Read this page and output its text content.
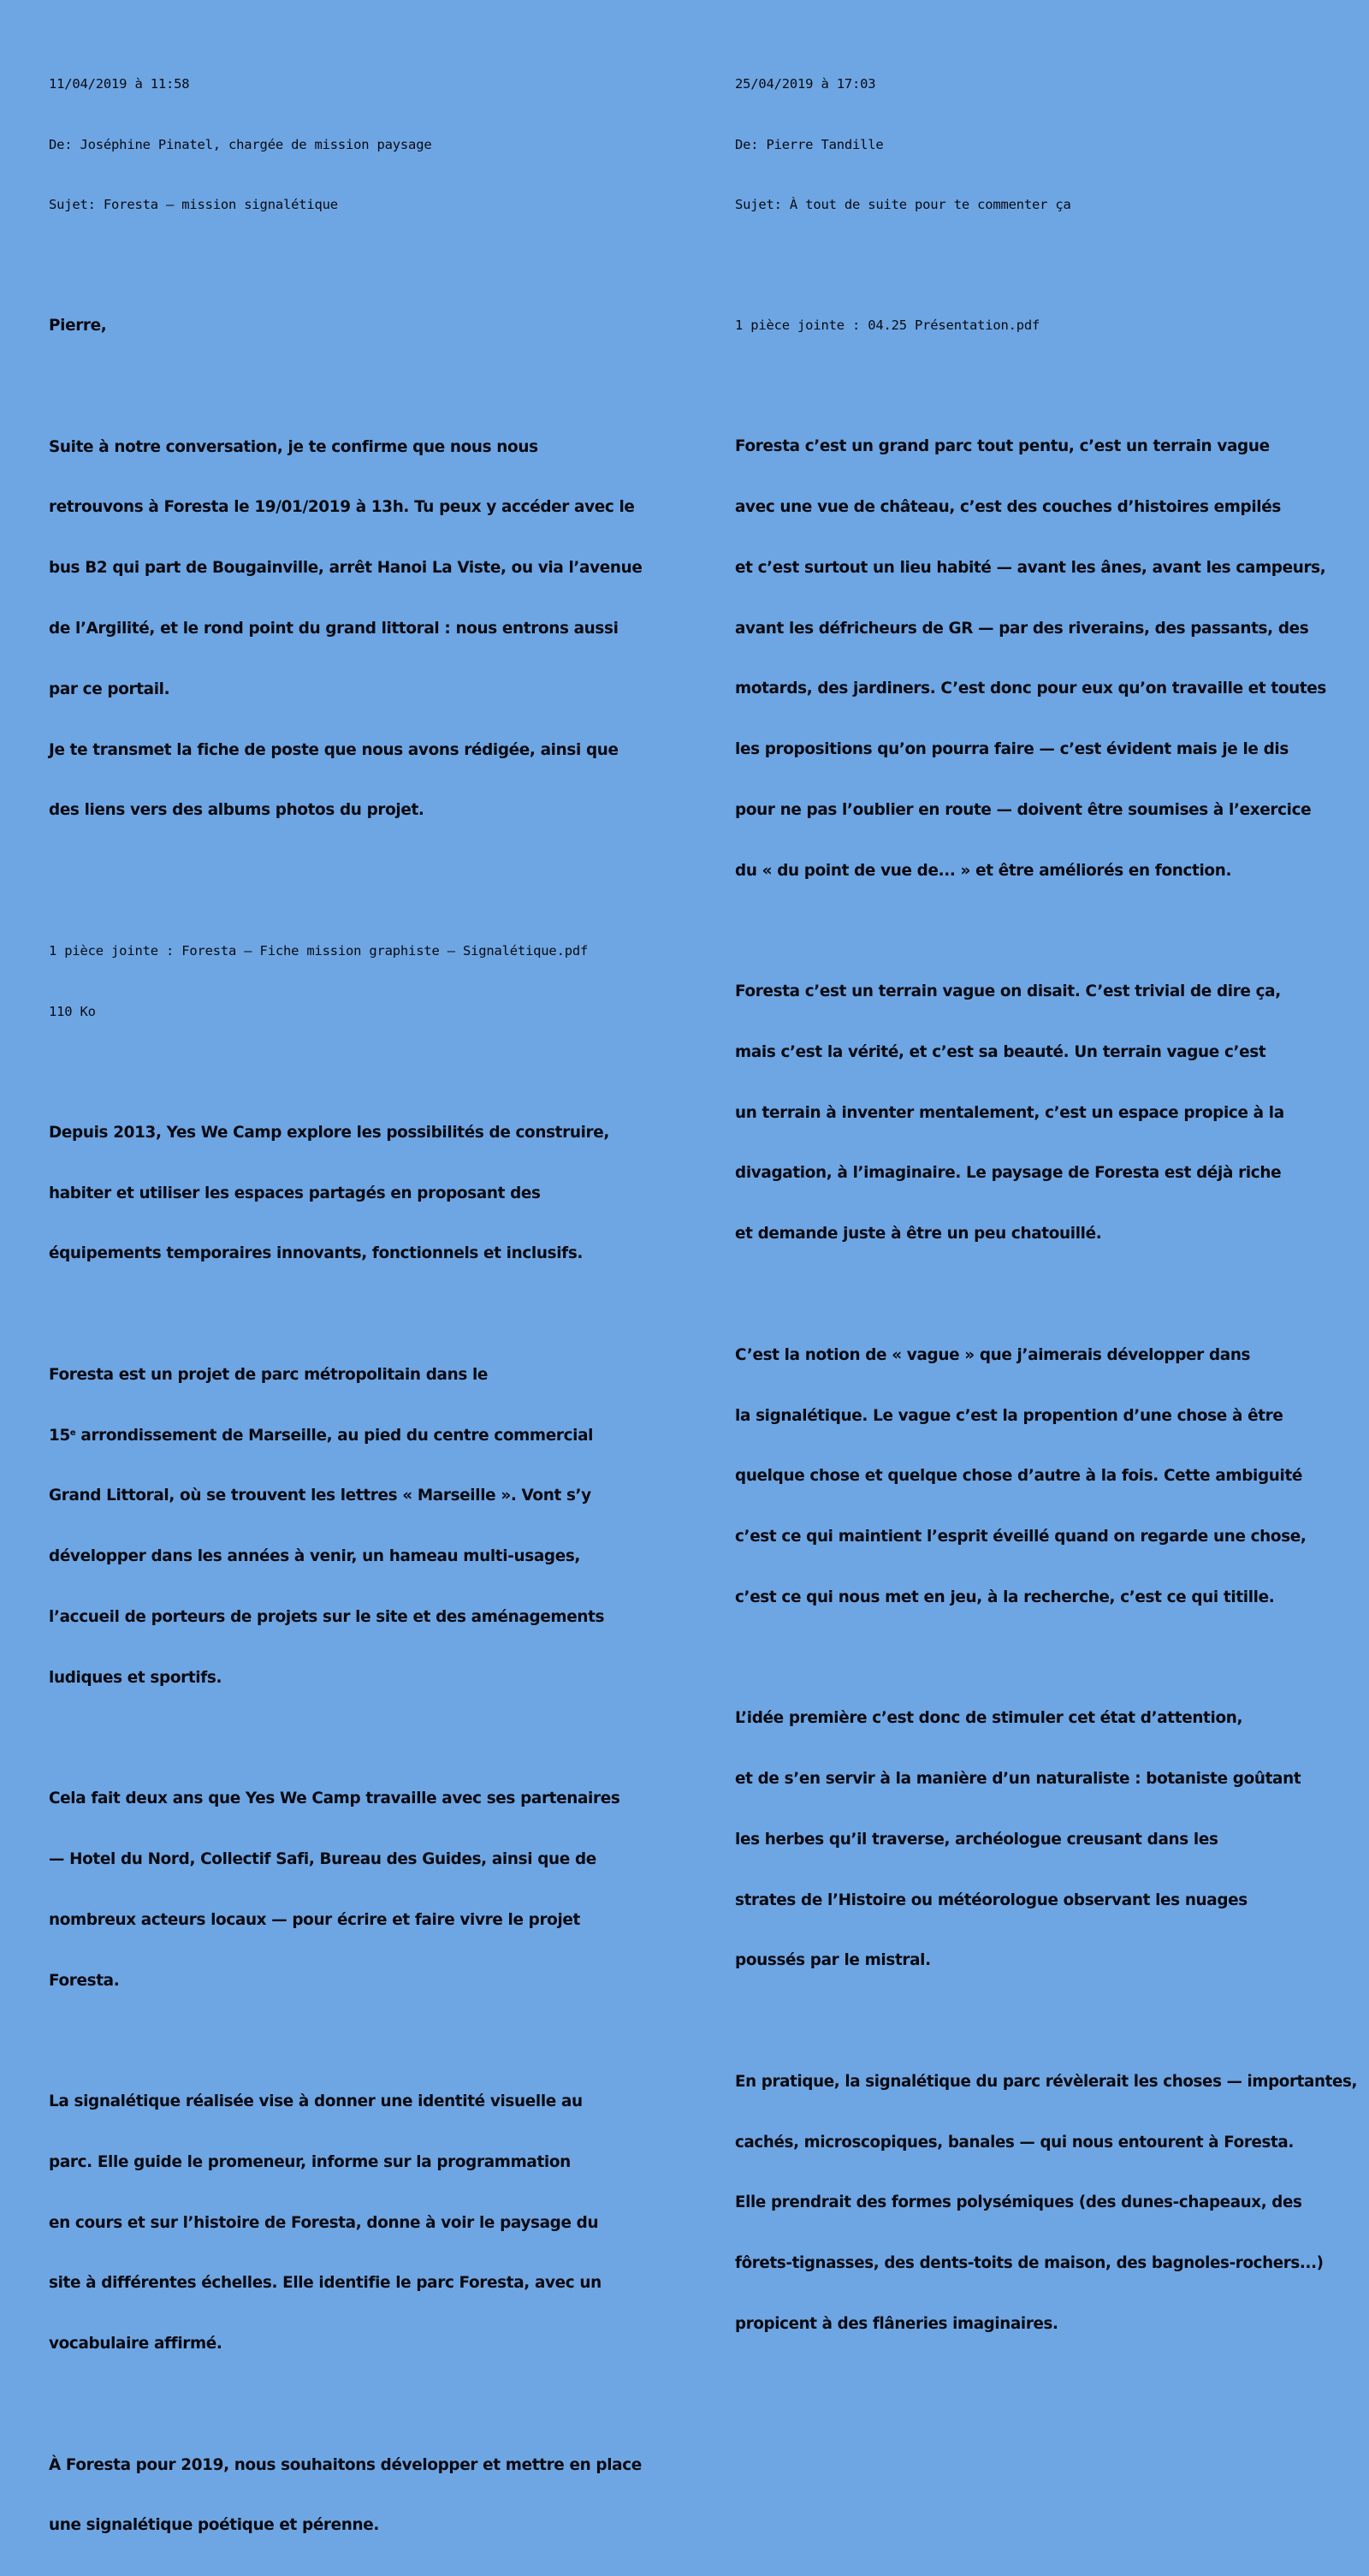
11/04/2019 à 11:58

De: Joséphine Pinatel, chargée de mission paysage

Sujet: Foresta – mission signalétique

Pierre,

Suite à notre conversation, je te confirme que nous nous

retrouvons à Foresta le 19/01/2019 à 13h. Tu peux y accéder avec le

bus B2 qui part de Bougainville, arrêt Hanoi La Viste, ou via l’avenue

de l’Argilité, et le rond point du grand littoral : nous entrons aussi

par ce portail.

Je te transmet la fiche de poste que nous avons rédigée, ainsi que

des liens vers des albums photos du projet.

1 pièce jointe : Foresta – Fiche mission graphiste – Signalétique.pdf

110 Ko

Depuis 2013, Yes We Camp explore les possibilités de construire,

habiter et utiliser les espaces partagés en proposant des

équipements temporaires innovants, fonctionnels et inclusifs.

Foresta est un projet de parc métropolitain dans le

15e arrondissement de Marseille, au pied du centre commercial

Grand Littoral, où se trouvent les lettres « Marseille ». Vont s’y

développer dans les années à venir, un hameau multi-usages,

l’accueil de porteurs de projets sur le site et des aménagements

ludiques et sportifs.

Cela fait deux ans que Yes We Camp travaille avec ses partenaires

— Hotel du Nord, Collectif Safi, Bureau des Guides, ainsi que de

nombreux acteurs locaux — pour écrire et faire vivre le projet

Foresta.

La signalétique réalisée vise à donner une identité visuelle au

parc. Elle guide le promeneur, informe sur la programmation

en cours et sur l’histoire de Foresta, donne à voir le paysage du

site à différentes échelles. Elle identifie le parc Foresta, avec un

vocabulaire affirmé.

À Foresta pour 2019, nous souhaitons développer et mettre en place

une signalétique poétique et pérenne.

25/04/2019 à 17:03

De: Pierre Tandille

Sujet: À tout de suite pour te commenter ça

1 pièce jointe : 04.25 Présentation.pdf

Foresta c’est un grand parc tout pentu, c’est un terrain vague

avec une vue de château, c’est des couches d’histoires empilés

et c’est surtout un lieu habité — avant les ânes, avant les campeurs,

avant les défricheurs de GR — par des riverains, des passants, des

motards, des jardiners. C’est donc pour eux qu’on travaille et toutes

les propositions qu’on pourra faire — c’est évident mais je le dis

pour ne pas l’oublier en route — doivent être soumises à l’exercice

du « du point de vue de... » et être améliorés en fonction.

Foresta c’est un terrain vague on disait. C’est trivial de dire ça,

mais c’est la vérité, et c’est sa beauté. Un terrain vague c’est

un terrain à inventer mentalement, c’est un espace propice à la

divagation, à l’imaginaire. Le paysage de Foresta est déjà riche

et demande juste à être un peu chatouillé.

C’est la notion de « vague » que j’aimerais développer dans

la signalétique. Le vague c’est la propention d’une chose à être

quelque chose et quelque chose d’autre à la fois. Cette ambiguité

c’est ce qui maintient l’esprit éveillé quand on regarde une chose,

c’est ce qui nous met en jeu, à la recherche, c’est ce qui titille.

L’idée première c’est donc de stimuler cet état d’attention,

et de s’en servir à la manière d’un naturaliste : botaniste goûtant

les herbes qu’il traverse, archéologue creusant dans les

strates de l’Histoire ou météorologue observant les nuages

poussés par le mistral.

En pratique, la signalétique du parc révèlerait les choses — importantes,

cachés, microscopiques, banales — qui nous entourent à Foresta.

Elle prendrait des formes polysémiques (des dunes-chapeaux, des

fôrets-tignasses, des dents-toits de maison, des bagnoles-rochers...)

propicent à des flâneries imaginaires.
